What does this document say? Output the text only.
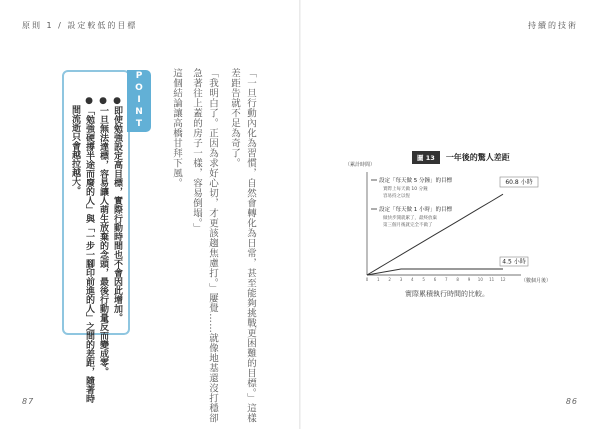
原則 1 / 設定較低的目標	持續的技術
「一旦行動內化為習慣，自然會轉化為日常，甚至能夠挑戰更困難的目標。」這樣
差距告就不足為奇了。
「我明白了。正因為求好心切，才更該趨焦慮打。」屢覺……就像地基還沒打穩卻
急著往上蓋的房子一樣，容易倒塌。」
這個結論讓高橋甘拜下風。
POINT
●即使勉強設定高目標，實際行動時間也不會因此增加。
●一旦無法達標，容易讓人萌生放棄的念頭，最後行動量反而變成零。
●「勉強硬撐半途而廢的人」與「一步一腳印前進的人」之間的差距，隨著時
　間流逝只會越拉越大。	圖 13	一年後的驚人差距
（累計時間）
0 1 2 3 4 5 6 7 8 9 10 11 12	（數個月後）
設定「每天做 5 分鐘」的目標
實際上每天做 10 分鐘
容易持之以恆
60.8 小時
設定「每天做 1 小時」的目標
做快步開就累了，最終放棄
第三個月後就完全不做了
4.5 小時
實際累積執行時間的比較。
87	86
